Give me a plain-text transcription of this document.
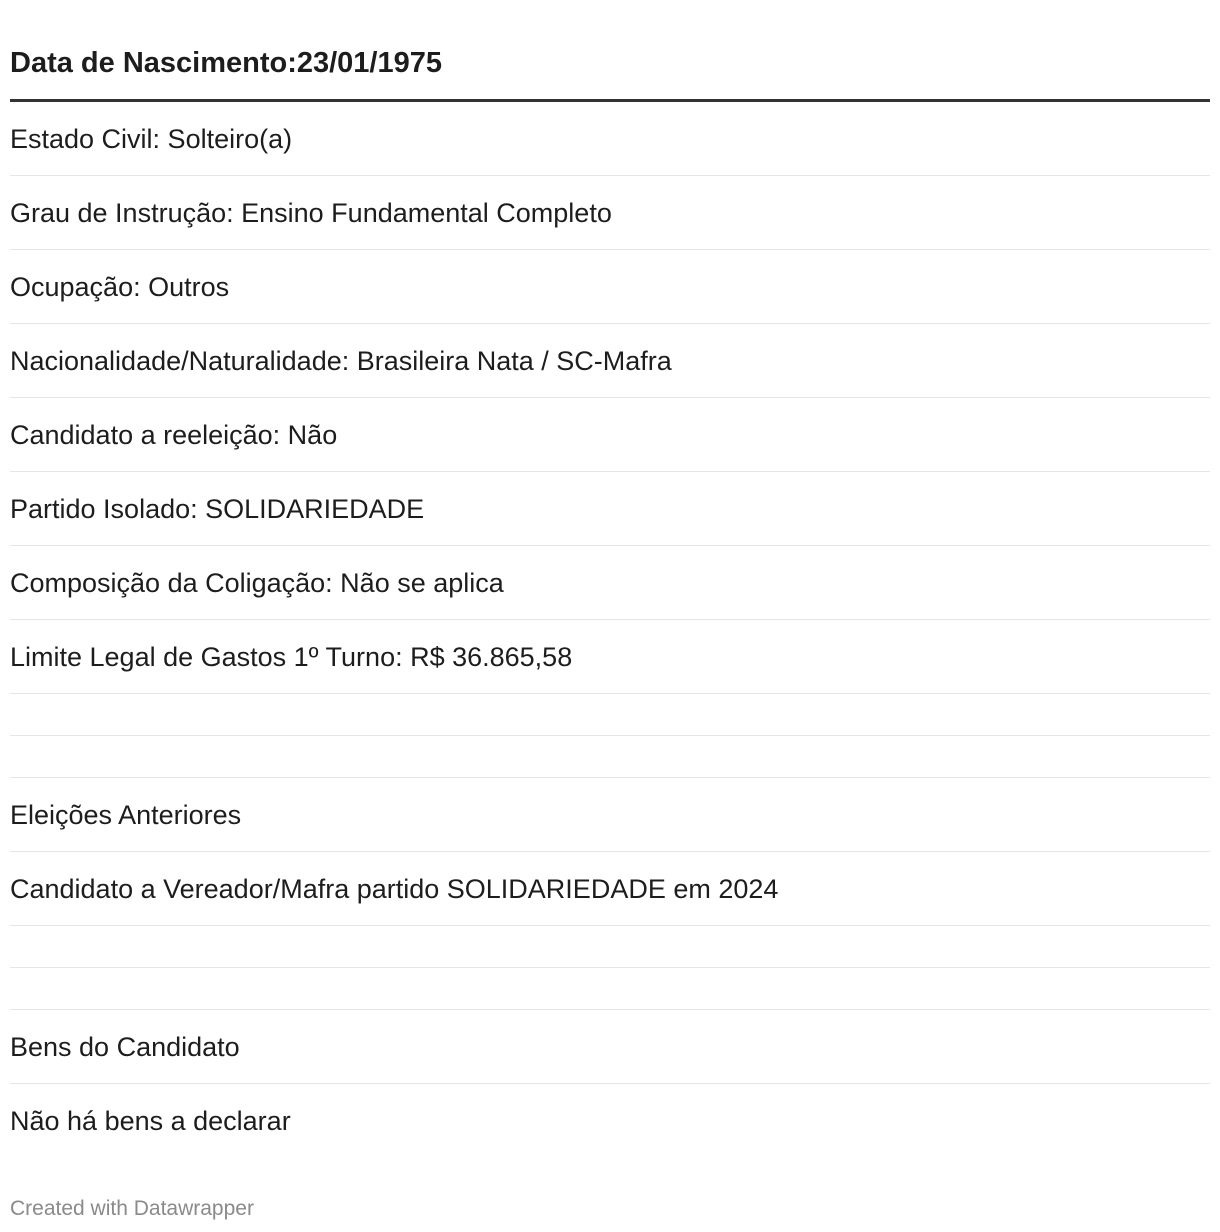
Data de Nascimento:23/01/1975
Estado Civil: Solteiro(a)
Grau de Instrução: Ensino Fundamental Completo
Ocupação: Outros
Nacionalidade/Naturalidade: Brasileira Nata / SC-Mafra
Candidato a reeleição: Não
Partido Isolado: SOLIDARIEDADE
Composição da Coligação: Não se aplica
Limite Legal de Gastos 1º Turno: R$ 36.865,58
Eleições Anteriores
Candidato a Vereador/Mafra partido SOLIDARIEDADE em 2024
Bens do Candidato
Não há bens a declarar
Created with Datawrapper
